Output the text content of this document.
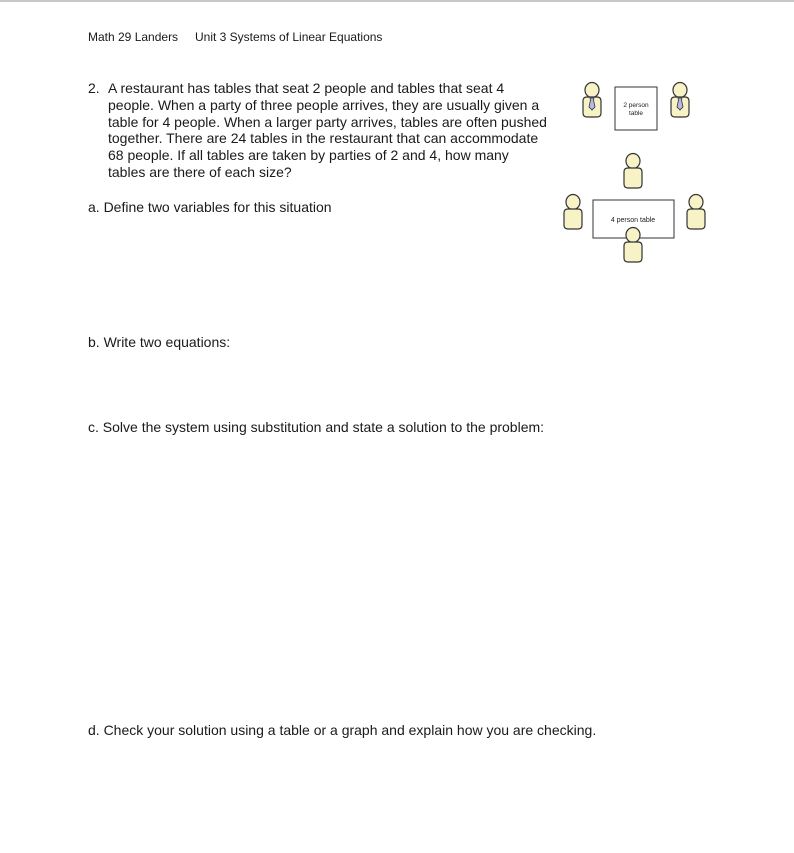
Math 29 Landers Unit 3 Systems of Linear Equations
2. A restaurant has tables that seat 2 people and tables that seat 4 people. When a party of three people arrives, they are usually given a table for 4 people. When a larger party arrives, tables are often pushed together. There are 24 tables in the restaurant that can accommodate 68 people. If all tables are taken by parties of 2 and 4, how many tables are there of each size?
2 person
table
4 person table
a. Define two variables for this situation
b. Write two equations:
c. Solve the system using substitution and state a solution to the problem:
d. Check your solution using a table or a graph and explain how you are checking.
